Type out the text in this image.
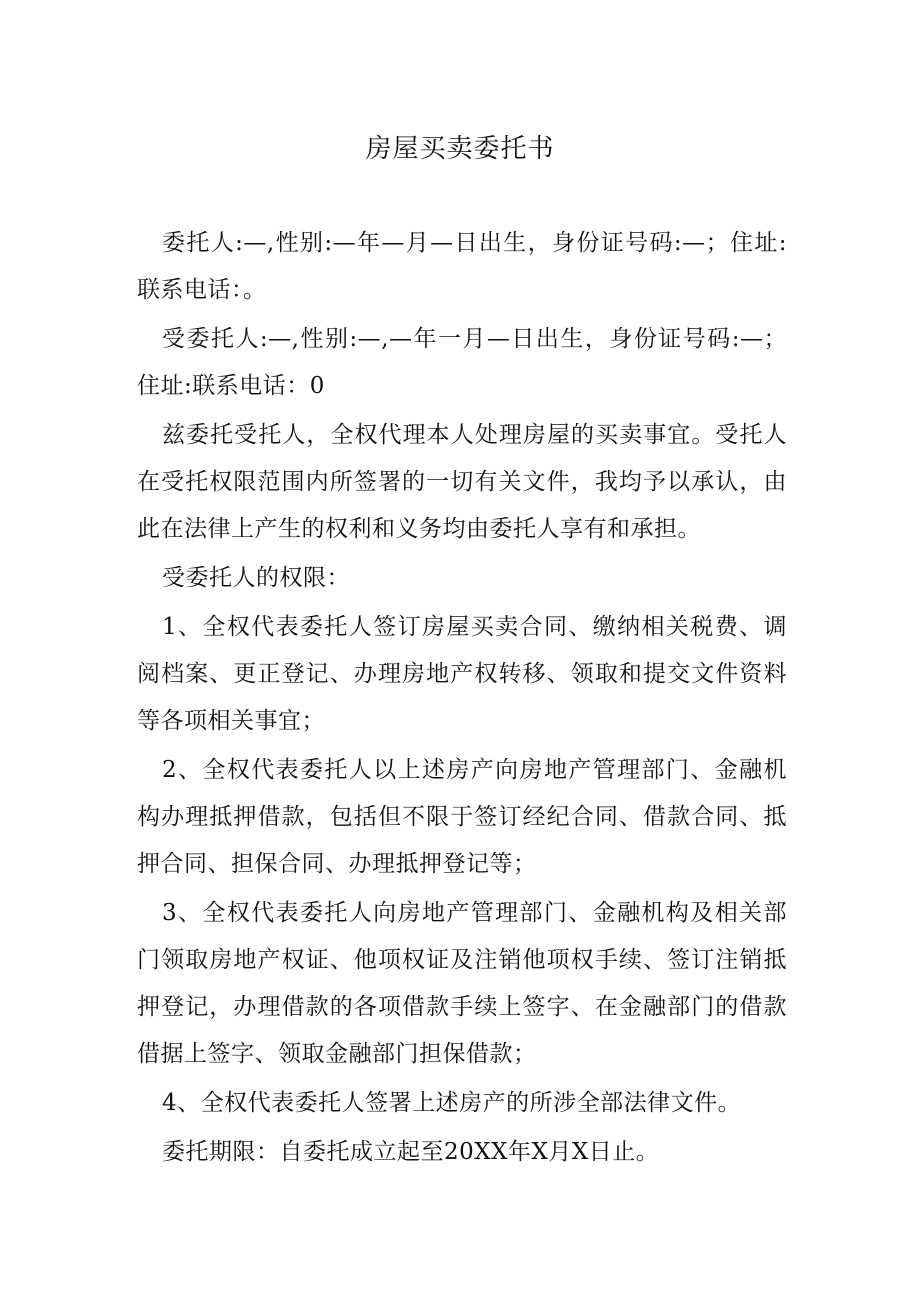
房屋买卖委托书

委托人:—,性别:—年—月—日出生，身份证号码:—；住址:联系电话：。

受委托人:—,性别:—,—年一月—日出生，身份证号码:—；住址:联系电话：0

兹委托受托人，全权代理本人处理房屋的买卖事宜。受托人在受托权限范围内所签署的一切有关文件，我均予以承认，由此在法律上产生的权利和义务均由委托人享有和承担。

受委托人的权限：

1、全权代表委托人签订房屋买卖合同、缴纳相关税费、调阅档案、更正登记、办理房地产权转移、领取和提交文件资料等各项相关事宜；

2、全权代表委托人以上述房产向房地产管理部门、金融机构办理抵押借款，包括但不限于签订经纪合同、借款合同、抵押合同、担保合同、办理抵押登记等；

3、全权代表委托人向房地产管理部门、金融机构及相关部门领取房地产权证、他项权证及注销他项权手续、签订注销抵押登记，办理借款的各项借款手续上签字、在金融部门的借款借据上签字、领取金融部门担保借款；

4、全权代表委托人签署上述房产的所涉全部法律文件。

委托期限：自委托成立起至20XX年X月X日止。
